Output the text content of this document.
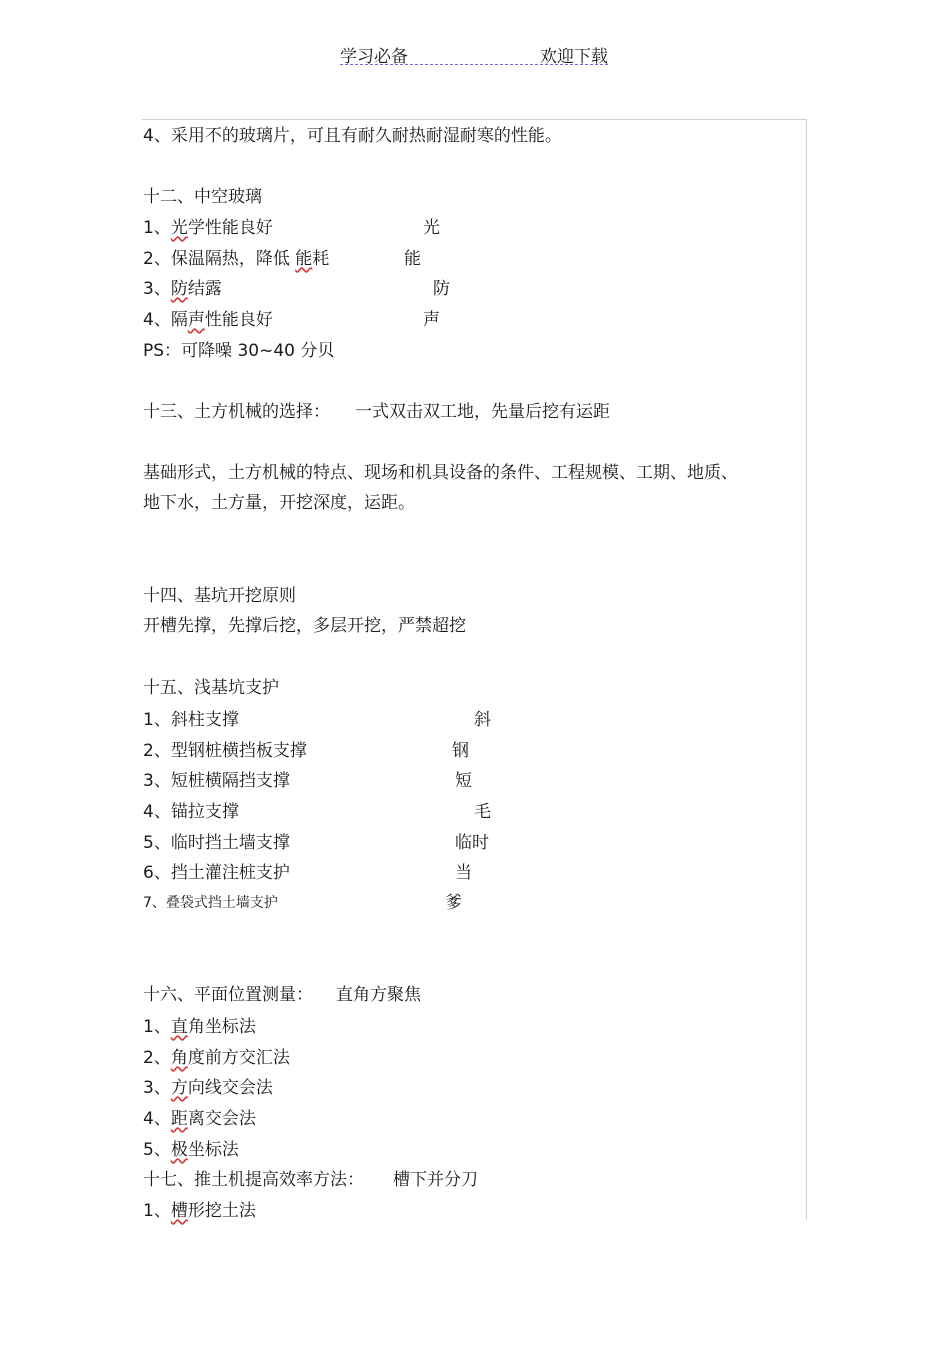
学习必备	欢迎下载
4、采用不的玻璃片，可且有耐久耐热耐湿耐寒的性能。
十二、中空玻璃
1、光学性能良好	光
2、保温隔热，降低 能耗	能
3、防结露	防
4、隔声性能良好	声
PS：可降噪 30~40 分贝
十三、土方机械的选择： 一式双击双工地，先量后挖有运距
基础形式，土方机械的特点、现场和机具设备的条件、工程规模、工期、地质、
地下水，土方量，开挖深度，运距。
十四、基坑开挖原则
开槽先撑，先撑后挖，多层开挖，严禁超挖
十五、浅基坑支护
1、斜柱支撑	斜
2、型钢桩横挡板支撑	钢
3、短桩横隔挡支撑	短
4、锚拉支撑	毛
5、临时挡土墙支撑	临时
6、挡土灌注桩支护	当
7、叠袋式挡土墙支护	爹
十六、平面位置测量： 直角方聚焦
1、直角坐标法
2、角度前方交汇法
3、方向线交会法
4、距离交会法
5、极坐标法
十七、推土机提高效率方法： 槽下并分刀
1、槽形挖土法
